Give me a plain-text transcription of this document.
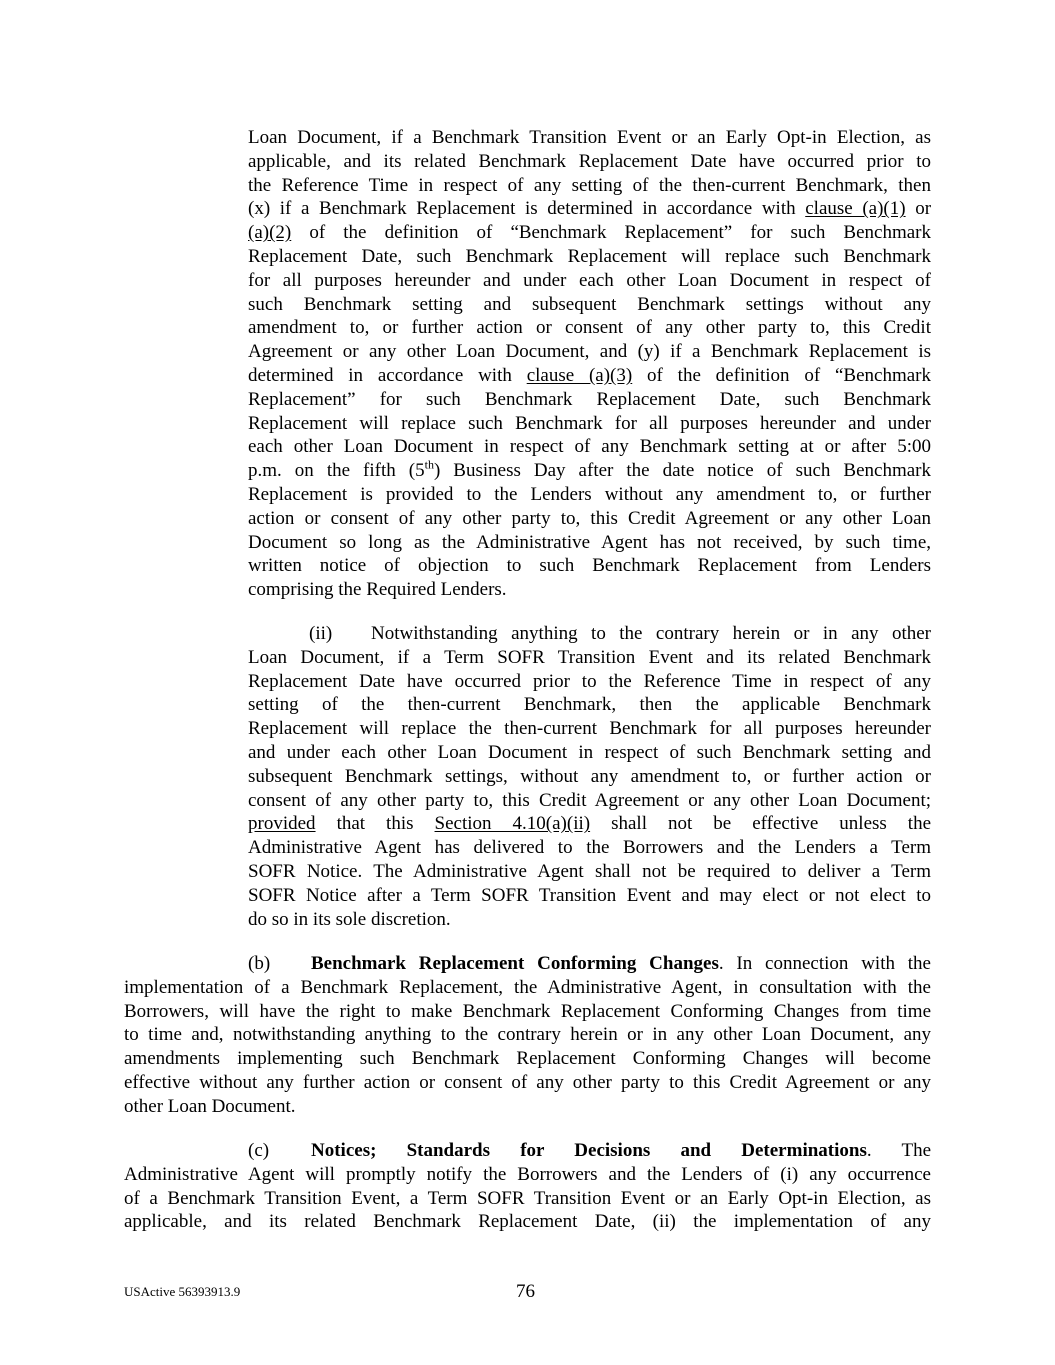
Loan Document, if a Benchmark Transition Event or an Early Opt-in Election, as
applicable, and its related Benchmark Replacement Date have occurred prior to
the Reference Time in respect of any setting of the then-current Benchmark, then
(x) if a Benchmark Replacement is determined in accordance with clause (a)(1) or
(a)(2) of the definition of “Benchmark Replacement” for such Benchmark
Replacement Date, such Benchmark Replacement will replace such Benchmark
for all purposes hereunder and under each other Loan Document in respect of
such Benchmark setting and subsequent Benchmark settings without any
amendment to, or further action or consent of any other party to, this Credit
Agreement or any other Loan Document, and (y) if a Benchmark Replacement is
determined in accordance with clause (a)(3) of the definition of “Benchmark
Replacement” for such Benchmark Replacement Date, such Benchmark
Replacement will replace such Benchmark for all purposes hereunder and under
each other Loan Document in respect of any Benchmark setting at or after 5:00
p.m. on the fifth (5th) Business Day after the date notice of such Benchmark
Replacement is provided to the Lenders without any amendment to, or further
action or consent of any other party to, this Credit Agreement or any other Loan
Document so long as the Administrative Agent has not received, by such time,
written notice of objection to such Benchmark Replacement from Lenders
comprising the Required Lenders.
(ii) Notwithstanding anything to the contrary herein or in any other
Loan Document, if a Term SOFR Transition Event and its related Benchmark
Replacement Date have occurred prior to the Reference Time in respect of any
setting of the then-current Benchmark, then the applicable Benchmark
Replacement will replace the then-current Benchmark for all purposes hereunder
and under each other Loan Document in respect of such Benchmark setting and
subsequent Benchmark settings, without any amendment to, or further action or
consent of any other party to, this Credit Agreement or any other Loan Document;
provided that this Section 4.10(a)(ii) shall not be effective unless the
Administrative Agent has delivered to the Borrowers and the Lenders a Term
SOFR Notice. The Administrative Agent shall not be required to deliver a Term
SOFR Notice after a Term SOFR Transition Event and may elect or not elect to
do so in its sole discretion.
(b) Benchmark Replacement Conforming Changes. In connection with the
implementation of a Benchmark Replacement, the Administrative Agent, in consultation with the
Borrowers, will have the right to make Benchmark Replacement Conforming Changes from time
to time and, notwithstanding anything to the contrary herein or in any other Loan Document, any
amendments implementing such Benchmark Replacement Conforming Changes will become
effective without any further action or consent of any other party to this Credit Agreement or any
other Loan Document.
(c) Notices; Standards for Decisions and Determinations. The
Administrative Agent will promptly notify the Borrowers and the Lenders of (i) any occurrence
of a Benchmark Transition Event, a Term SOFR Transition Event or an Early Opt-in Election, as
applicable, and its related Benchmark Replacement Date, (ii) the implementation of any
USActive 56393913.9	76
